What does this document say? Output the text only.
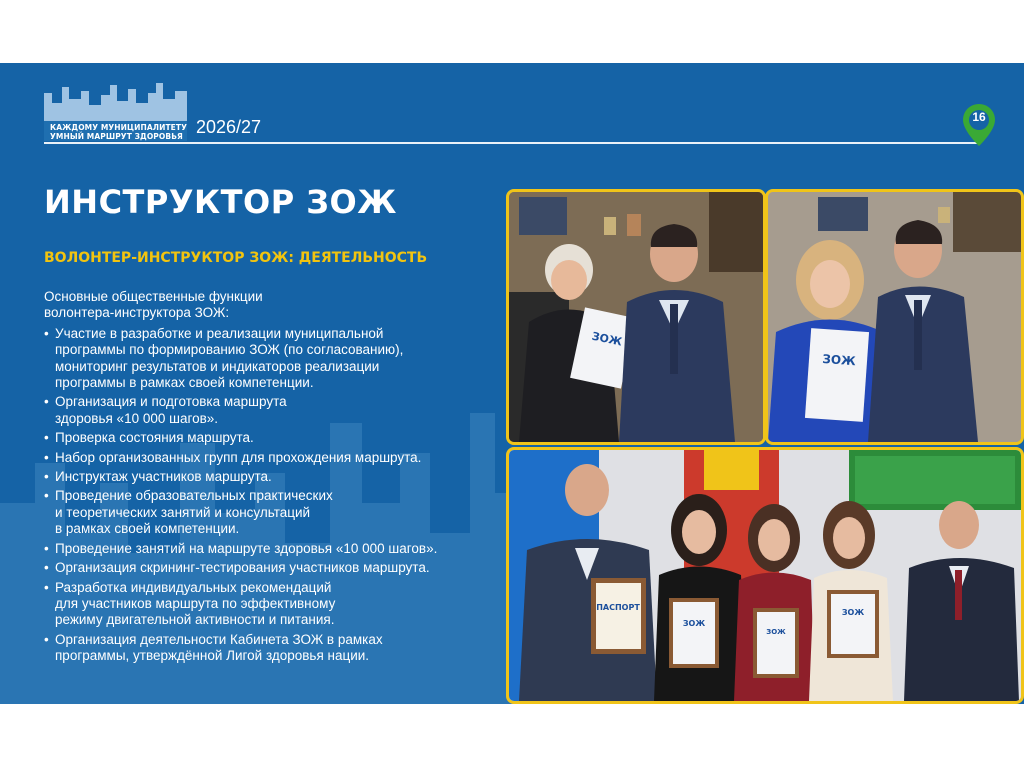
КАЖДОМУ МУНИЦИПАЛИТЕТУ
УМНЫЙ МАРШРУТ ЗДОРОВЬЯ 2026/27	16
ИНСТРУКТОР ЗОЖ
ВОЛОНТЕР-ИНСТРУКТОР ЗОЖ: ДЕЯТЕЛЬНОСТЬ
Основные общественные функции
волонтера-инструктора ЗОЖ:
• Участие в разработке и реализации муниципальной
программы по формированию ЗОЖ (по согласованию),
мониторинг результатов и индикаторов реализации
программы в рамках своей компетенции.
• Организация и подготовка маршрута
здоровья «10 000 шагов».
• Проверка состояния маршрута.
• Набор организованных групп для прохождения маршрута.
• Инструктаж участников маршрута.
• Проведение образовательных практических
и теоретических занятий и консультаций
в рамках своей компетенции.
• Проведение занятий на маршруте здоровья «10 000 шагов».
• Организация скрининг-тестирования участников маршрута.
• Разработка индивидуальных рекомендаций
для участников маршрута по эффективному
режиму двигательной активности и питания.
• Организация деятельности Кабинета ЗОЖ в рамках
программы, утверждённой Лигой здоровья нации.
ЗОЖ
ЗОЖ
ПАСПОРТ
ЗОЖ
ЗОЖ
ЗОЖ
